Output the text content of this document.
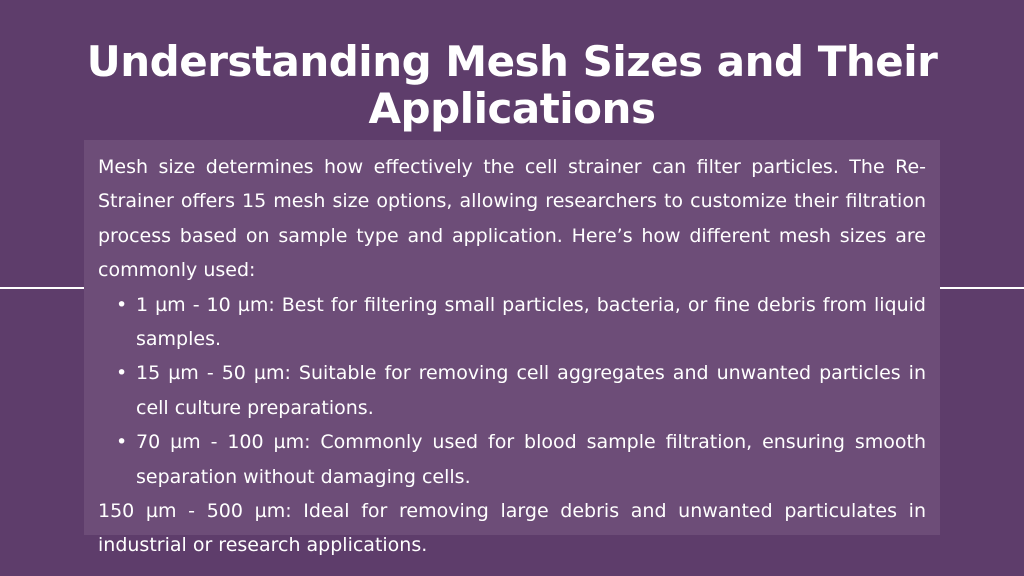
Understanding Mesh Sizes and Their Applications

Mesh size determines how effectively the cell strainer can filter particles. The Re-Strainer offers 15 mesh size options, allowing researchers to customize their filtration process based on sample type and application. Here’s how different mesh sizes are commonly used:

• 1 µm - 10 µm: Best for filtering small particles, bacteria, or fine debris from liquid samples.
• 15 µm - 50 µm: Suitable for removing cell aggregates and unwanted particles in cell culture preparations.
• 70 µm - 100 µm: Commonly used for blood sample filtration, ensuring smooth separation without damaging cells.

150 µm - 500 µm: Ideal for removing large debris and unwanted particulates in industrial or research applications.
